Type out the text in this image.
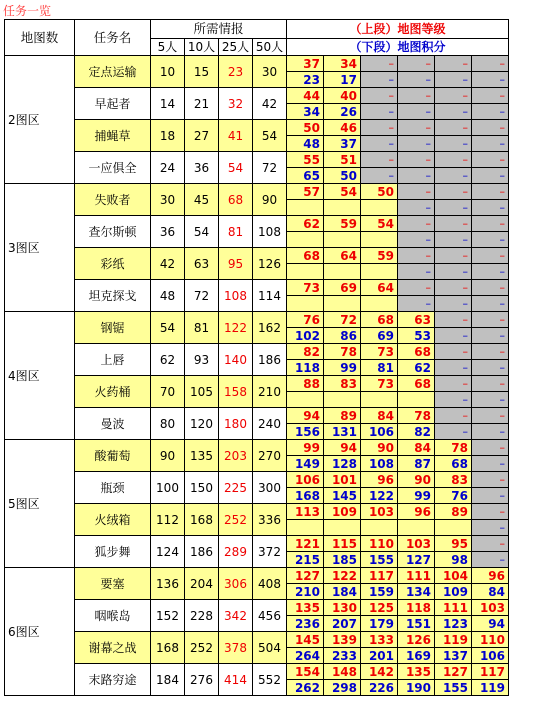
任务一览
地图数	任务名	所需情报				（上段）地图等级					
		5人	10人	25人	50人	（下段）地图积分					
2图区	定点运输	10	15	23	30	37	34	–	–	–	–
						23	17	–	–	–	–
	早起者	14	21	32	42	44	40	–	–	–	–
						34	26	–	–	–	–
	捕蝇草	18	27	41	54	50	46	–	–	–	–
						48	37	–	–	–	–
	一应俱全	24	36	54	72	55	51	–	–	–	–
						65	50	–	–	–	–
3图区	失败者	30	45	68	90	57	54	50	–	–	–
									–	–	–
	查尔斯顿	36	54	81	108	62	59	54	–	–	–
									–	–	–
	彩纸	42	63	95	126	68	64	59	–	–	–
									–	–	–
	坦克探戈	48	72	108	114	73	69	64	–	–	–
									–	–	–
4图区	钢锯	54	81	122	162	76	72	68	63	–	–
						102	86	69	53	–	–
	上唇	62	93	140	186	82	78	73	68	–	–
						118	99	81	62	–	–
	火药桶	70	105	158	210	88	83	73	68	–	–
										–	–
	曼波	80	120	180	240	94	89	84	78	–	–
						156	131	106	82	–	–
5图区	酸葡萄	90	135	203	270	99	94	90	84	78	–
						149	128	108	87	68	–
	瓶颈	100	150	225	300	106	101	96	90	83	–
						168	145	122	99	76	–
	火绒箱	112	168	252	336	113	109	103	96	89	–
											–
	狐步舞	124	186	289	372	121	115	110	103	95	–
						215	185	155	127	98	–
6图区	要塞	136	204	306	408	127	122	117	111	104	96
						210	184	159	134	109	84
	咽喉岛	152	228	342	456	135	130	125	118	111	103
						236	207	179	151	123	94
	谢幕之战	168	252	378	504	145	139	133	126	119	110
						264	233	201	169	137	106
	末路穷途	184	276	414	552	154	148	142	135	127	117
						262	298	226	190	155	119
